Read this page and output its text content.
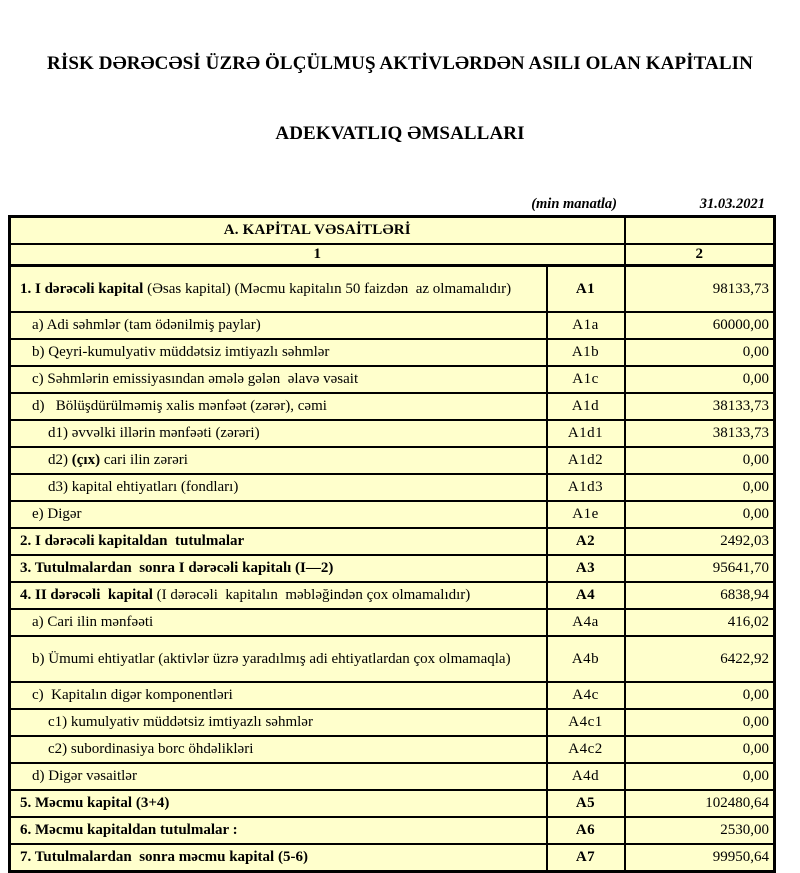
RİSK DƏRƏCƏSİ ÜZRƏ ÖLÇÜLMUŞ AKTİVLƏRDƏN ASILI OLAN KAPİTALIN

ADEKVATLIQ ƏMSALLARI

(min manatla)	31.03.2021
A. KAPİTAL VƏSAİTLƏRİ		
1		2
1. I dərəcəli kapital (Əsas kapital) (Məcmu kapitalın 50 faizdən  az olmamalıdır)	A1	98133,73
a) Adi səhmlər (tam ödənilmiş paylar)	A1a	60000,00
b) Qeyri-kumulyativ müddətsiz imtiyazlı səhmlər	A1b	0,00
c) Səhmlərin emissiyasından əmələ gələn  əlavə vəsait	A1c	0,00
d)   Bölüşdürülməmiş xalis mənfəət (zərər), cəmi	A1d	38133,73
d1) əvvəlki illərin mənfəəti (zərəri)	A1d1	38133,73
d2) (çıx) cari ilin zərəri	A1d2	0,00
d3) kapital ehtiyatları (fondları)	A1d3	0,00
e) Digər	A1e	0,00
2. I dərəcəli kapitaldan  tutulmalar	A2	2492,03
3. Tutulmalardan  sonra I dərəcəli kapitalı (I—2)	A3	95641,70
4. II dərəcəli  kapital (I dərəcəli  kapitalın  məbləğindən çox olmamalıdır)	A4	6838,94
a) Cari ilin mənfəəti	A4a	416,02
b) Ümumi ehtiyatlar (aktivlər üzrə yaradılmış adi ehtiyatlardan çox olmamaqla)	A4b	6422,92
c)  Kapitalın digər komponentləri	A4c	0,00
c1) kumulyativ müddətsiz imtiyazlı səhmlər	A4c1	0,00
c2) subordinasiya borc öhdəlikləri	A4c2	0,00
d) Digər vəsaitlər	A4d	0,00
5. Məcmu kapital (3+4)	A5	102480,64
6. Məcmu kapitaldan tutulmalar :	A6	2530,00
7. Tutulmalardan  sonra məcmu kapital (5-6)	A7	99950,64
